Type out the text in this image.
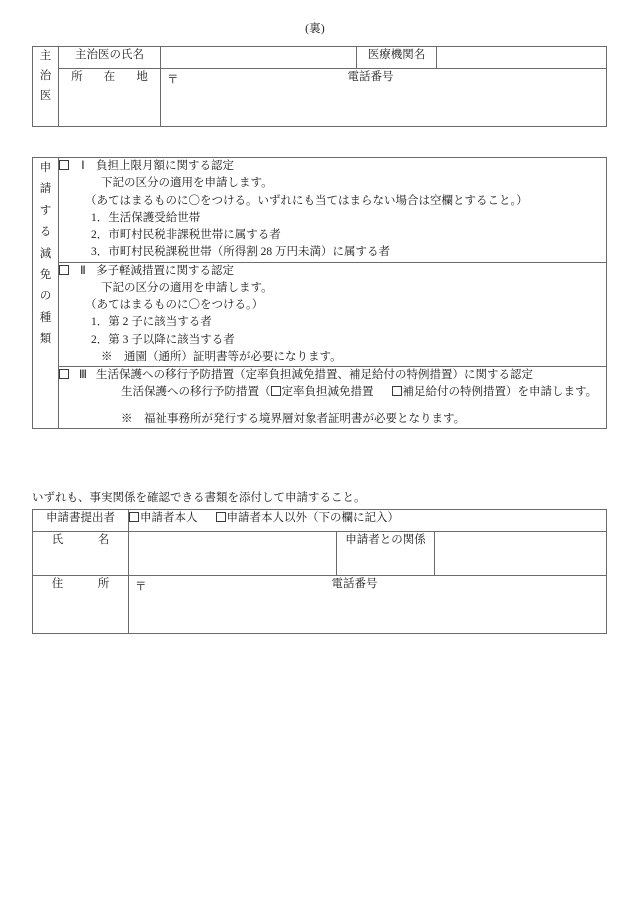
(裏)
主
治
医	主治医の氏名		医療機関名	
	所　在　地	〒 電話番号		
申
請
す
る
減
免
の
種
類

Ⅰ 負担上限月額に関する認定
下記の区分の適用を申請します。
（あてはまるものに〇をつける。いずれにも当てはまらない場合は空欄とすること。）
1．生活保護受給世帯
2．市町村民税非課税世帯に属する者
3．市町村民税課税世帯（所得割 28 万円未満）に属する者

Ⅱ 多子軽減措置に関する認定
下記の区分の適用を申請します。
（あてはまるものに〇をつける。）
1．第 2 子に該当する者
2．第 3 子以降に該当する者
※　通園（通所）証明書等が必要になります。

Ⅲ 生活保護への移行予防措置（定率負担減免措置、補足給付の特例措置）に関する認定
生活保護への移行予防措置（ 定率負担減免措置	補足給付の特例措置）を申請します。
※　福祉事務所が発行する境界層対象者証明書が必要となります。
いずれも、事実関係を確認できる書類を添付して申請すること。
申請書提出者	申請者本人 申請者本人以外（下の欄に記入）		
氏　　　名		申請者との関係	
住　　　所	〒 電話番号		
